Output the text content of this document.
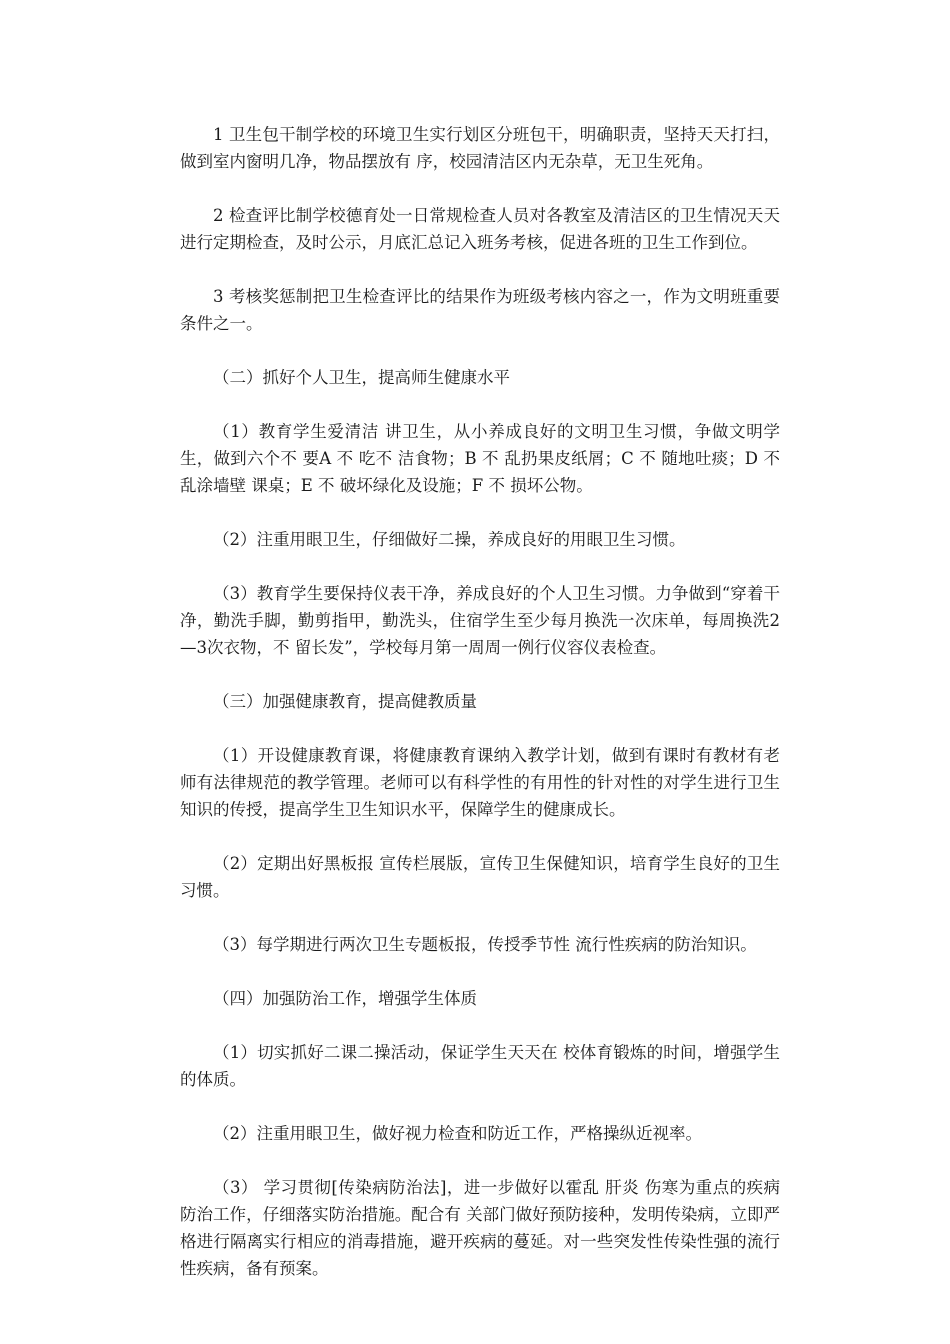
1 卫生包干制学校的环境卫生实行划区分班包干，明确职责，坚持天天打扫，做到室内窗明几净，物品摆放有 序，校园清洁区内无杂草，无卫生死角。

2 检查评比制学校德育处一日常规检查人员对各教室及清洁区的卫生情况天天进行定期检查，及时公示，月底汇总记入班务考核，促进各班的卫生工作到位。

3 考核奖惩制把卫生检查评比的结果作为班级考核内容之一，作为文明班重要条件之一。

（二）抓好个人卫生，提高师生健康水平

（1）教育学生爱清洁 讲卫生，从小养成良好的文明卫生习惯，争做文明学生，做到六个不 要A 不 吃不 洁食物；B 不 乱扔果皮纸屑；C 不 随地吐痰；D 不 乱涂墙壁 课桌；E 不 破坏绿化及设施；F 不 损坏公物。

（2）注重用眼卫生，仔细做好二操，养成良好的用眼卫生习惯。

（3）教育学生要保持仪表干净，养成良好的个人卫生习惯。力争做到“穿着干净，勤洗手脚，勤剪指甲，勤洗头，住宿学生至少每月换洗一次床单，每周换洗2—3次衣物，不 留长发”，学校每月第一周周一例行仪容仪表检查。

（三）加强健康教育，提高健教质量

（1）开设健康教育课，将健康教育课纳入教学计划，做到有课时有教材有老师有法律规范的教学管理。老师可以有科学性的有用性的针对性的对学生进行卫生知识的传授，提高学生卫生知识水平，保障学生的健康成长。

（2）定期出好黑板报 宣传栏展版，宣传卫生保健知识，培育学生良好的卫生习惯。

（3）每学期进行两次卫生专题板报，传授季节性 流行性疾病的防治知识。

（四）加强防治工作，增强学生体质

（1）切实抓好二课二操活动，保证学生天天在 校体育锻炼的时间，增强学生的体质。

（2）注重用眼卫生，做好视力检查和防近工作，严格操纵近视率。

（3） 学习贯彻[传染病防治法]，进一步做好以霍乱 肝炎 伤寒为重点的疾病防治工作，仔细落实防治措施。配合有 关部门做好预防接种，发明传染病，立即严格进行隔离实行相应的消毒措施，避开疾病的蔓延。对一些突发性传染性强的流行性疾病，备有预案。
